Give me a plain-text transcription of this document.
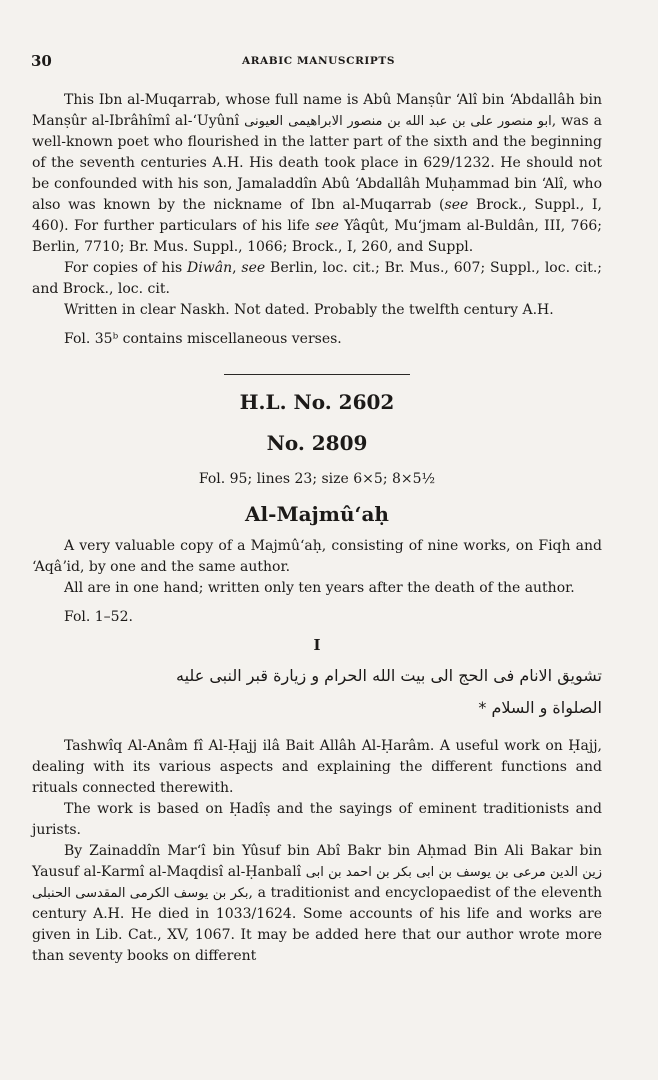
30	ARABIC MANUSCRIPTS

This Ibn al-Muqarrab, whose full name is Abû Manṣûr ʻAlî bin ʻAbdallâh bin Manṣûr al-Ibrâhîmî al-ʻUyûnî	ابو منصور على بن عبد الله بن منصور الابراهيمى العيونى	, was a well-known poet who flourished in the latter part of the sixth and the beginning of the seventh centuries A.H. His death took place in 629/1232. He should not be confounded with his son, Jamaladdîn Abû ʻAbdallâh Muḥammad bin ʻAlî, who also was known by the nickname of Ibn al-Muqarrab (see Brock., Suppl., I, 460). For further particulars of his life see Yâqût, Muʻjmam al-Buldân, III, 766; Berlin, 7710; Br. Mus. Suppl., 1066; Brock., I, 260, and Suppl.

For copies of his Diwân, see Berlin, loc. cit.; Br. Mus., 607; Suppl., loc. cit.; and Brock., loc. cit.

Written in clear Naskh. Not dated. Probably the twelfth century A.H.

Fol. 35ᵇ contains miscellaneous verses.

H.L. No. 2602
No. 2809
Fol. 95; lines 23; size 6×5; 8×5½
Al-Majmûʻaḥ

A very valuable copy of a Majmûʻaḥ, consisting of nine works, on Fiqh and ʻAqâʼid, by one and the same author.

All are in one hand; written only ten years after the death of the author.

Fol. 1–52.

I
تشويق الانام فى الحج الى بيت الله الحرام و زيارة قبر النبى عليه
الصلواة و السلام *

Tashwîq Al-Anâm fî Al-Ḥajj ilâ Bait Allâh Al-Ḥarâm. A useful work on Ḥajj, dealing with its various aspects and explaining the different functions and rituals connected therewith.

The work is based on Ḥadîṣ and the sayings of eminent traditionists and jurists.

By Zainaddîn Marʻî bin Yûsuf bin Abî Bakr bin Aḥmad Bin Ali Bakar bin Yausuf al-Karmî al-Maqdisî al-Ḥanbalî زين الدين مرعى بن يوسف بن ابى بكر بن احمد بن ابى بكر بن يوسف الكرمى المقدسى الحنبلى, a traditionist and encyclopaedist of the eleventh century A.H. He died in 1033/1624. Some accounts of his life and works are given in Lib. Cat., XV, 1067. It may be added here that our author wrote more than seventy books on different
